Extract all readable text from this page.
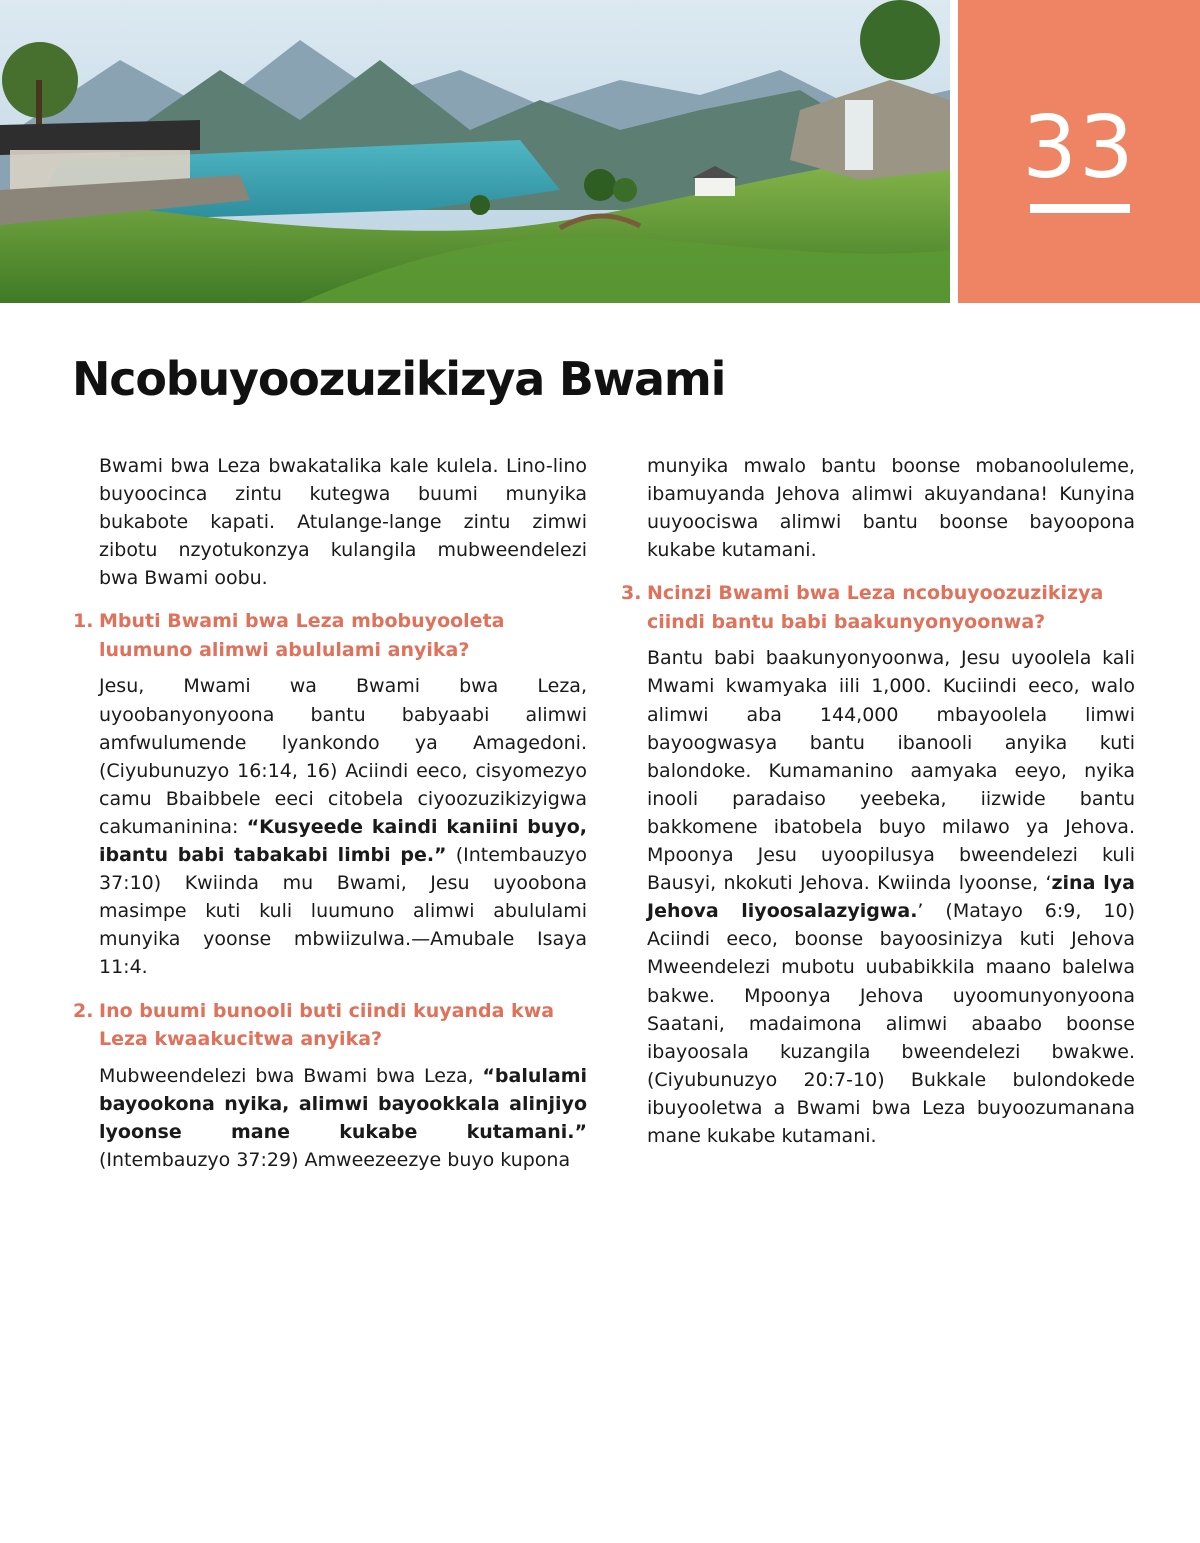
33
Ncobuyoozuzikizya Bwami

Bwami bwa Leza bwakatalika kale kulela. Lino-lino buyoocinca zintu kutegwa buumi munyika bukabote kapati. Atulange-lange zintu zimwi zibotu nzyotukonzya kulangila mubweendelezi bwa Bwami oobu.

1. Mbuti Bwami bwa Leza mbobuyooleta luumuno alimwi abululami anyika?

Jesu, Mwami wa Bwami bwa Leza, uyoobanyonyoona bantu babyaabi alimwi amfwulumende lyankondo ya Amagedoni. (Ciyubunuzyo 16:14, 16) Aciindi eeco, cisyomezyo camu Bbaibbele eeci citobela ciyoozuzikizyigwa cakumaninina: “Kusyeede kaindi kaniini buyo, ibantu babi tabakabi limbi pe.” (Intembauzyo 37:10) Kwiinda mu Bwami, Jesu uyoobona masimpe kuti kuli luumuno alimwi abululami munyika yoonse mbwiizulwa.—Amubale Isaya 11:4.

2. Ino buumi bunooli buti ciindi kuyanda kwa Leza kwaakucitwa anyika?

Mubweendelezi bwa Bwami bwa Leza, “balulami bayookona nyika, alimwi bayookkala alinjiyo lyoonse mane kukabe kutamani.” (Intembauzyo 37:29) Amweezeezye buyo kupona

munyika mwalo bantu boonse mobanoolulеme, ibamuyanda Jehova alimwi akuyandana! Kunyina uuyoociswa alimwi bantu boonse bayoopona kukabe kutamani.

3. Ncinzi Bwami bwa Leza ncobuyoozuzikizya ciindi bantu babi baakunyonyoonwa?

Bantu babi baakunyonyoonwa, Jesu uyoolela kali Mwami kwamyaka iili 1,000. Kuciindi eeco, walo alimwi aba 144,000 mbayoolela limwi bayoogwasya bantu ibanooli anyika kuti balondoke. Kumamanino aamyaka eeyo, nyika inooli paradaiso yeebeka, iizwide bantu bakkomene ibatobela buyo milawo ya Jehova. Mpoonya Jesu uyoopilusya bweendelezi kuli Bausyi, nkokuti Jehova. Kwiinda lyoonse, ‘zina lya Jehova liyoosalazyigwa.’ (Matayo 6:9, 10) Aciindi eeco, boonse bayoosinizya kuti Jehova Mweendelezi mubotu uubabikkila maano balelwa bakwe. Mpoonya Jehova uyoomunyonyoona Saatani, madaimona alimwi abaabo boonse ibayoosala kuzangila bweendelezi bwakwe. (Ciyubunuzyo 20:7-10) Bukkale bulondokede ibuyooletwa a Bwami bwa Leza buyoozumanana mane kukabe kutamani.
